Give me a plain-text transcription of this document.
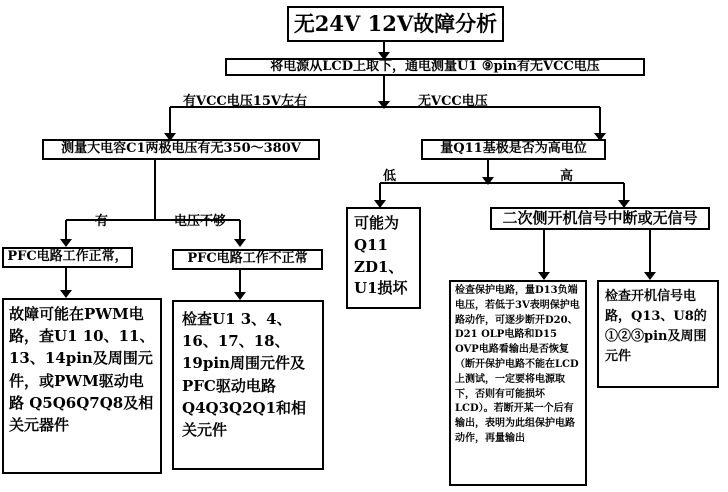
无24V 12V故障分析
将电源从LCD上取下，通电测量U1 ⑨pin有无VCC电压
有VCC电压15V左右	无VCC电压
测量大电容C1两极电压有无350～380V	量Q11基极是否为高电位
低	高
有	电压不够
PFC电路工作正常，	PFC电路工作不正常
二次侧开机信号中断或无信号
可能为
Q11
ZD1、
U1损坏
故障可能在PWM电路，查U1 10、11、13、14pin及周围元件，或PWM驱动电路 Q5Q6Q7Q8及相关元器件
检查U1 3、4、16、17、18、19pin周围元件及PFC驱动电路 Q4Q3Q2Q1和相关元件
检查保护电路，量D13负端电压，若低于3V表明保护电路动作，可逐步断开D20、D21 OLP电路和D15 OVP电路看输出是否恢复（断开保护电路不能在LCD上测试，一定要将电源取下，否则有可能损坏LCD）。若断开某一个后有输出，表明为此组保护电路动作，再量输出
检查开机信号电路，Q13、U8的①②③pin及周围元件
